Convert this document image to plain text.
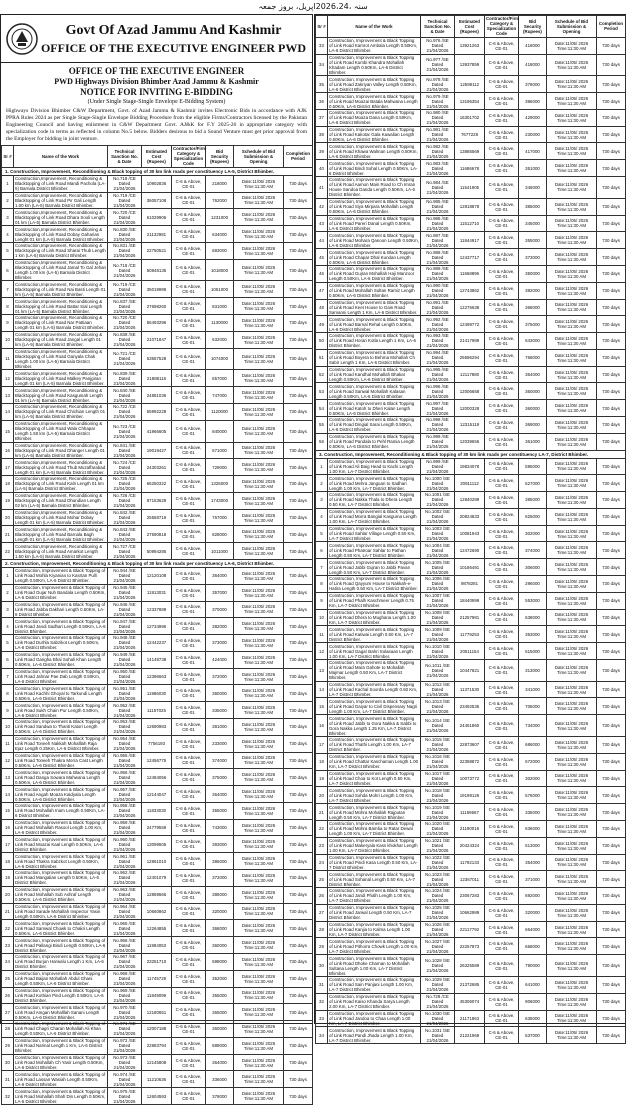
سنہ ،2026،24اپریل، بروز جمعہ
Govt Of Azad Jammu And Kashmir
OFFICE OF THE EXECUTIVE ENGINEER PWD
OFFICE OF THE EXECUTIVE ENGINEER
PWD Highways Division Bhimber Azad Jammu & Kashmir
NOTICE FOR INVITING E-BIDDING
(Under Single Stage-Single Envelope E-Bidding System)
Highways Division Bhimber C&W Department, Govt. of Azad Jammu & Kashmir invites Electronic Bids in accordance with AJK PPRA Rules 2024 as per Single Stage-Single Envelope Bidding Procedure from the eligible Firms/Contractors licensed by the Pakistan Engineering Council and having enlistment in C&W Department Govt. AJ&K for F.Y 2025-26 in appropriate category with specialization code in terms as reflected in column No.5 below. Bidders desirous to bid a Sound Venture must get prior approval from the Employer for bidding in joint venture.
Sr #	Name of the Work	Technical Sanction No. & Date	Estimated Cost (Rupees)	Contractor/Firm Category & Specialization Code	Bid Security (Rupees)	Schedule of Bid Submission & Opening	Completion Period
1. Construction, Improvement, Reconditioning & Black topping of 30 km link roads per constituency LA-5, District Bhimber.							
1	Construction,Improvement, Reconditioning & Blacktopping of Link Road Mandi Pachola (LA-5) Barnala District Bhimber.	No.718 /CE Dated 21/04/2026	10902836	C-6 & Above, CE-01	218000	Date:11/05/ 2026 Time:11:30 AM	730 days
2	Construction,Improvement, Reconditioning & Blacktopping of Link Road Pir Gali Length 1.00 km (LA-5) Barnala District Bhimber.	No.719 /CE Dated 21/04/2026	36057108	C-6 & Above, CE-01	762000	Date:11/05/ 2026 Time:11:30 AM	730 days
3	Construction,Improvement, Reconditioning & Blacktopping of Link Road Dhara Sooli Length 01 km (LA-5) Barnala District Bhimber.	No.720 /CE Dated 21/04/2026	61029906	C-6 & Above, CE-01	1231000	Date:11/05/ 2026 Time:11:30 AM	730 days
4	Construction,Improvement, Reconditioning & Blacktopping of Link Road Dobay Gaharian Lenght 01 km (LA-5) Barnala District Bhimber.	No.830 /SE Dated 21/04/2026	21132981	C-6 & Above, CE-01	634000	Date:11/05/ 2026 Time:11:30 AM	730 days
5	Construction,Improvement, Reconditioning & Blacktopping of Link Road Sharai Thub Length 1 km (LA-5) Barnala District Bhimber.	No.831 /SE Dated 21/04/2026	22750521	C-6 & Above, CE-01	683000	Date:11/05/ 2026 Time:11:30 AM	730 days
6	Construction,Improvement, Reconditioning & Blacktopping of Link Road Jamal To Gal Jehan Length 1.00 km (LA-5) Barnala District Bhimber.	No.718 /CE Dated 21/04/2026	50848135	C-6 & Above, CE-01	1018000	Date:11/05/ 2026 Time:11:30 AM	730 days
7	Construction,Improvement, Reconditioning & Blacktopping of Link Road Nai Basti Length 01 km (LA-5) Barnala District Bhimber.	No.719 /CE Dated 21/04/2026	35019999	C-6 & Above, CE-01	1051000	Date:11/05/ 2026 Time:11:30 AM	730 days
8	Construction,Improvement, Reconditioning & Blacktopping of Link Road Battar Sial Length 01 km (LA-5) Barnala District Bhimber.	No.837 /SE Dated 21/04/2026	27698260	C-6 & Above, CE-01	831000	Date:11/05/ 2026 Time:11:30 AM	730 days
9	Construction,Improvement, Reconditioning & Blacktopping of Link Road Nar Pattiaan Length 01 km (LA-5) Barnala District Bhimber.	No.720 /CE Dated 21/04/2026	56493296	C-6 & Above, CE-01	1130000	Date:11/05/ 2026 Time:11:30 AM	730 days
10	Construction,Improvement, Reconditioning & Blacktopping of Link Road Jangal Length 01 km (LA-5) Barnala District Bhimber.	No.838 /SE Dated 21/04/2026	21071847	C-6 & Above, CE-01	632000	Date:11/05/ 2026 Time:11:30 AM	730 days
11	Construction,Improvement, Reconditioning & Blacktopping of Link Road Ganyala Chak Length 1.00 km (LA-5) Barnala District Bhimber.	No.721 /CE Dated 21/04/2026	53667528	C-6 & Above, CE-01	1074000	Date:11/05/ 2026 Time:11:30 AM	730 days
12	Construction,Improvement, Reconditioning & Blacktopping of Link Road Malkey Panjgiran Length 01 km (LA-5) Barnala District Bhimber.	No.839 /SE Dated 21/04/2026	21888116	C-6 & Above, CE-01	657000	Date:11/05/ 2026 Time:11:30 AM	730 days
13	Construction,Improvement, Reconditioning & Blacktopping of Link Road Kasgumah Length 01 km (LA-5) Barnala District Bhimber.	No.840 /SE Dated 21/04/2026	24881036	C-6 & Above, CE-01	747000	Date:11/05/ 2026 Time:11:30 AM	730 days
14	Construction,Improvement, Reconditioning & Blacktopping of Link Road Chichian Length 01 km (LA-5) Barnala District Bhimber.	No.722 /CE Dated 21/04/2026	55992228	C-6 & Above, CE-01	1120000	Date:11/05/ 2026 Time:11:30 AM	730 days
15	Construction,Improvement, Reconditioning & Blacktopping of Link Road Wala Chhapar Length 1.50 km (LA-5) Barnala District Bhimber.	No.723 /CE Dated 21/04/2026	41966605	C-6 & Above, CE-01	840000	Date:11/05/ 2026 Time:11:30 AM	730 days
16	Construction,Improvement, Reconditioning & Blacktopping of Link Road Dhanger Length 01 km (LA-5) Barnala District Bhimber.	No.841 /SE Dated 21/04/2026	19019427	C-6 & Above, CE-01	571000	Date:11/05/ 2026 Time:11:30 AM	730 days
17	Construction,Improvement, Reconditioning & Blacktopping of Link Road Thub Muzaffarabad Length 01 km (LA-5) Barnala District Bhimber.	No.724 /CE Dated 21/04/2026	24303261	C-6 & Above, CE-01	729000	Date:11/05/ 2026 Time:11:30 AM	730 days
18	Construction,Improvement, Reconditioning & Blacktopping of Link Road Kalri Length 01 km (LA-5) Barnala District Bhimber.	No.725 /CE Dated 21/04/2026	66250322	C-6 & Above, CE-01	1325000	Date:11/05/ 2026 Time:11:30 AM	730 days
19	Construction,Improvement, Reconditioning & Blacktopping of Link Road Dhundian Length 02 km (LA-5) Barnala District Bhimber.	No.726 /CE Dated 21/04/2026	87153629	C-6 & Above, CE-01	1743000	Date:11/05/ 2026 Time:11:30 AM	730 days
20	Construction,Improvement, Reconditioning & Blacktopping of Link Road Mohar Dobay Length 01 km (LA-5) Barnala District Bhimber.	No.842 /SE Dated 21/04/2026	25558719	C-6 & Above, CE-01	767000	Date:11/05/ 2026 Time:11:30 AM	730 days
21	Construction,Improvement, Reconditioning & Blacktopping of Link Road Barnala Bagh Length 01 km (LA-5) Barnala District Bhimber.	No.843 /SE Dated 21/04/2026	27590818	C-6 & Above, CE-01	828000	Date:11/05/ 2026 Time:11:30 AM	730 days
22	Construction,Improvement, Reconditioning & Blacktopping of Link Road Amarkot Length 1.50 km (LA-5) Barnala District Bhimber.	No.727 /CE Dated 21/04/2026	50994285	C-6 & Above, CE-01	1011000	Date:11/05/ 2026 Time:11:30 AM	730 days
2. Construction, Improvement, Reconditioning & Black topping of 30 km link roads per constituency LA-6, District Bhimber.							
1	Construction, Improvement & Black Topping of Link Road Mohla Kiyanian to Kasrtan Pulli Length 0.50Km, LA-6 District Bhimber.	No.944 /SE Dated 21/04/2026	12120108	C-6 & Above, CE-01	364000	Date:11/05/ 2026 Time:11:30 AM	730 days
2	Construction, Improvement & Black Topping of Link Road Gujar Nuh Bandala Length 0.50Km, LA-6 District Bhimber.	No.945 /SE Dated 21/04/2026	11913031	C-6 & Above, CE-01	357000	Date:11/05/ 2026 Time:11:30 AM	730 days
3	Construction, Improvement & Black Topping of Link Road Jabba Dakhari Length 0.50Km, LA-6 District Bhimber.	No.946 /SE Dated 21/04/2026	12337889	C-6 & Above, CE-01	370000	Date:11/05/ 2026 Time:11:30 AM	730 days
4	Construction, Improvement & Black Topping of Link Road Jandi Sadhari Length 0.50Km, LA-6 District Bhimber.	No.947 /SE Dated 21/04/2026	12734996	C-6 & Above, CE-01	382000	Date:11/05/ 2026 Time:11:30 AM	730 days
5	Construction, Improvement & Black Topping of Link Road Durhla Sabzikot Length 0.50Km, LA-6 District Bhimber.	No.948 /SE Dated 21/04/2026	12442237	C-6 & Above, CE-01	373000	Date:11/05/ 2026 Time:11:30 AM	730 days
6	Construction, Improvement & Black Topping of Link Road Gangha Bhai Sohali Khan Length 0.50Km, LA-6 District Bhimber.	No.949 /SE Dated 21/04/2026	14148738	C-6 & Above, CE-01	424000	Date:11/05/ 2026 Time:11:30 AM	730 days
7	Construction, Improvement & Black Topping of Link Road Jahnar Pae Dab Length 0.50Km, LA-6 District Bhimber.	No.950 /SE Dated 21/04/2026	12396663	C-6 & Above, CE-01	372000	Date:11/05/ 2026 Time:11:30 AM	730 days
8	Construction, Improvement & Black Topping of Link Road Kachhi Ghoyal to Tarkundi Length 0.50Km, LA-6 District Bhimber.	No.951 /SE Dated 21/04/2026	11986030	C-6 & Above, CE-01	360000	Date:11/05/ 2026 Time:11:30 AM	730 days
9	Construction, Improvement & Black Topping of Link Road Sukh Chain Pur Length 0.50Km, LA-6 District Bhimber.	No.952 /SE Dated 21/04/2026	11157025	C-6 & Above, CE-01	335000	Date:11/05/ 2026 Time:11:30 AM	730 days
10	Construction, Improvement & Black Topping of Link Road Sandwa to Thanti Katori Length 0.50Km, LA-6 District Bhimber.	No.953 /SE Dated 21/04/2026	12690983	C-6 & Above, CE-01	381000	Date:11/05/ 2026 Time:11:30 AM	730 days
11	Construction, Improvement & Black Topping of Link Road Toneeh Nakkah Mohalllah Raja Ejaz Length 0.25Km, LA-6 District Bhimber.	No.954 /SE Dated 21/04/2026	7756193	C-6 & Above, CE-01	233000	Date:11/05/ 2026 Time:11:30 AM	730 days
12	Construction, Improvement & Black Topping of Link Road Toneeh Thakra Morra Cast Length 0.50Km, LA-6 District Bhimber.	No.955 /SE Dated 21/04/2026	12456775	C-6 & Above, CE-01	374000	Date:11/05/ 2026 Time:11:30 AM	730 days
13	Construction, Improvement & Black Topping of Link Road Danga Sowara Mahwana Length 0.50Km, LA-6 District Bhimber.	No.956 /SE Dated 21/04/2026	12484056	C-6 & Above, CE-01	375000	Date:11/05/ 2026 Time:11:30 AM	730 days
14	Construction, Improvement & Black Topping of Link Road Angah Moaza Kaidyala Length 0.50Km, LA-6 District Bhimber.	No.957 /SE Dated 21/04/2026	12144047	C-6 & Above, CE-01	364000	Date:11/05/ 2026 Time:11:30 AM	730 days
15	Construction, Improvement & Black Topping of Link Road Mohallah Inam Length 0.50Km, LA-6 District Bhimber.	No.958 /SE Dated 21/04/2026	11833030	C-6 & Above, CE-01	355000	Date:11/05/ 2026 Time:11:30 AM	730 days
16	Construction, Improvement & Black Topping of Link Road Mohallah Rasool Length 1.00 Km, LA-6 District Bhimber.	No.959 /SE Dated 21/04/2026	24779559	C-6 & Above, CE-01	743000	Date:11/05/ 2026 Time:11:30 AM	730 days
17	Construction, Improvement & Black Topping of Link Road Moazai Kaal Length 0.50Km, LA-6 District Bhimber.	No.960 /SE Dated 21/04/2026	13099505	C-6 & Above, CE-01	393000	Date:11/05/ 2026 Time:11:30 AM	730 days
18	Construction, Improvement & Black Topping of Link Road Thakra Sabzkot Length 0.50Km, LA-6 District Bhimber.	No.961 /SE Dated 21/04/2026	12861010	C-6 & Above, CE-01	386000	Date:11/05/ 2026 Time:11:30 AM	730 days
19	Construction, Improvement & Black Topping of Link Road Mangalian Length 0.50Km, LA-6 District Bhimber.	No.962 /SE Dated 21/04/2026	12401079	C-6 & Above, CE-01	372000	Date:11/05/ 2026 Time:11:30 AM	730 days
20	Construction, Improvement & Black Topping of Link Road Mohallah Sub Ashraf Length 0.50Km, LA-6 District Bhimber.	No.963 /SE Dated 21/04/2026	12869566	C-6 & Above, CE-01	386000	Date:11/05/ 2026 Time:11:30 AM	730 days
21	Construction, Improvement & Black Topping of Link Road Sarade Mohallah Inspector Yasin Length 0.50Km, LA-6 District Bhimber.	No.964 /SE Dated 21/04/2026	10660862	C-6 & Above, CE-01	320000	Date:11/05/ 2026 Time:11:30 AM	730 days
22	Construction, Improvement & Black Topping of Link Road Samwal Chowk to Chakri Length 0.50Km, LA-6 District Bhimber.	No.965 /SE Dated 21/04/2026	12264855	C-6 & Above, CE-01	368000	Date:11/05/ 2026 Time:11:30 AM	730 days
23	Construction, Improvement & Black Topping of Link Road Pallangi Bindi Length 0.50Km, LA-6 District Bhimber.	No.966 /SE Dated 21/04/2026	11984053	C-6 & Above, CE-01	360000	Date:11/05/ 2026 Time:11:30 AM	730 days
24	Construction, Improvement & Black Topping of Link Road Burjun Harwalu Length 1 Km, LA-6 District Bhimber.	No.967 /SE Dated 21/04/2026	23251710	C-6 & Above, CE-01	698000	Date:11/05/ 2026 Time:11:30 AM	730 days
25	Construction, Improvement & Black Topping of Link Road Baijan Mohallah Abdul Ghani Length 0.50Km, LA-6 District Bhimber.	No.968 /SE Dated 21/04/2026	11745729	C-6 & Above, CE-01	352000	Date:11/05/ 2026 Time:11:30 AM	730 days
26	Construction, Improvement & Black Topping of Link Road Kothian Pind Length 0.50Km, LA-6 District Bhimber.	No.969 /SE Dated 21/04/2026	11849099	C-6 & Above, CE-01	355000	Date:11/05/ 2026 Time:11:30 AM	730 days
27	Construction, Improvement & Black Topping of Link Road Amgan Mohalllah Sanani Length 0.50Km, LA-6 District Bhimber.	No.970 /SE Dated 21/04/2026	12180651	C-6 & Above, CE-01	365000	Date:11/05/ 2026 Time:11:30 AM	730 days
28	Construction, Improvement & Black Topping of Link Road Chagri Charan Mohallah Ali Khan Length 0.50Km, LA-6 District Bhimber.	No.971 /SE Dated 21/04/2026	12007188	C-6 & Above, CE-01	360000	Date:11/05/ 2026 Time:11:30 AM	730 days
29	Construction, Improvement & Black Topping of Link Road Narinal Length 1 Km, LA-6 District Bhimber.	No.972 /SE Dated 21/04/2026	22983794	C-6 & Above, CE-01	689000	Date:11/05/ 2026 Time:11:30 AM	730 days
30	Construction, Improvement & Black Topping of Link Road Mohallah Ch Yasir Length 0.50Km, LA-6 District Bhimber.	No.973 /SE Dated 21/04/2026	12145808	C-6 & Above, CE-01	364000	Date:11/05/ 2026 Time:11:30 AM	730 days
31	Construction, Improvement & Black Topping of Link Road Lassan Wasiah Length 0.50Km, LA-6 District Bhimber.	No.974 /SE Dated 21/04/2026	11210636	C-6 & Above, CE-01	336000	Date:11/05/ 2026 Time:11:30 AM	730 days
32	Construction, Improvement & Black Topping of Link Road Mohallah Shah Din Length 0.50Km, LA-6 District Bhimber.	No.975 /SE Dated 21/04/2026	12604593	C-6 & Above, CE-01	378000	Date:11/05/ 2026 Time:11:30 AM	730 days
Sr #	Name of the Work	Technical Sanction No. & Date	Estimated Cost (Rupees)	Contractor/Firm Category & Specialization Code	Bid Security (Rupees)	Schedule of Bid Submission & Opening	Completion Period
33	Construction, Improvement & Black Topping of Link Road Kamrot Ambala Length 0.50Km, LA-6 District Bhimber.	No.976 /SE Dated 21/04/2026	13921263	C-6 & Above, CE-01	418000	Date:11/05/ 2026 Time:11:30 AM	730 days
34	Construction, Improvement & Black Topping of Link Road Kumbi Khandra Mohallah Khadam Length 0.50Km, LA-6 District Bhimber.	No.977 /SE Dated 21/04/2026	13937859	C-6 & Above, CE-01	418000	Date:11/05/ 2026 Time:11:30 AM	730 days
35	Construction, Improvement & Black Topping of Link Road Zakriyan Valley Length 0.50Km, LA-6 District Bhimber.	No.978 /SE Dated 21/04/2026	12598112	C-6 & Above, CE-01	378000	Date:11/05/ 2026 Time:11:30 AM	730 days
36	Construction, Improvement & Black Topping of Link Road Moazai Batala Mahwana Length 0.50Km, LA-6 District Bhimber.	No.979 /SE Dated 21/04/2026	13196354	C-6 & Above, CE-01	396000	Date:11/05/ 2026 Time:11:30 AM	730 days
37	Construction, Improvement & Black Topping of Link Road Moaza Dana Length 0.50Km, LA-6 District Bhimber.	No.980 /SE Dated 21/04/2026	16301702	C-6 & Above, CE-01	429000	Date:11/05/ 2026 Time:11:30 AM	730 days
38	Construction, Improvement & Black Topping of Link Road Kakotar Gala Kawalian Length 0.50Km, LA-6 District Bhimber.	No.981 /SE Dated 21/04/2026	7677228	C-6 & Above, CE-01	230000	Date:11/05/ 2026 Time:11:30 AM	730 days
39	Construction, Improvement & Black Topping of Link Road Khawa Walman Length 0.50Km, LA-6 District Bhimber.	No.982 /SE Dated 21/04/2026	13885569	C-6 & Above, CE-01	417000	Date:11/05/ 2026 Time:11:30 AM	730 days
40	Construction, Improvement & Black Topping of Link Road Bindi Sohal Length 0.50Km, LA-6 District Bhimber.	No.983 /SE Dated 21/04/2026	11686678	C-6 & Above, CE-01	351000	Date:11/05/ 2026 Time:11:30 AM	730 days
41	Construction, Improvement & Black Topping of Link Road Aamon Main Road to Ch Imran House Sandoa Danda Length 0.50Km, LA-6 District Bhimber.	No.984 /SE Dated 21/04/2026	11541905	C-6 & Above, CE-01	346000	Date:11/05/ 2026 Time:11:30 AM	730 days
42	Construction, Improvement & Black Topping of Link Road Siya Mirpara Mohallah Length 0.50Km, LA-6 District Bhimber.	No.985 /SE Dated 21/04/2026	12818878	C-6 & Above, CE-01	385000	Date:11/05/ 2026 Time:11:30 AM	730 days
43	Construction, Improvement & Black Topping of Link Road Pareri Danal Length 0.50Km, LA-6 District Bhimber.	No.986 /SE Dated 21/04/2026	11512710	C-6 & Above, CE-01	345000	Date:11/05/ 2026 Time:11:30 AM	730 days
44	Construction, Improvement & Black Topping of Link Road Mohara Qanoon Length 0.50Km, LA-6 District Bhimber.	No.987 /SE Dated 21/04/2026	11844917	C-6 & Above, CE-01	355000	Date:11/05/ 2026 Time:11:30 AM	730 days
45	Construction, Improvement & Black Topping of Link Road Chapar Dhal Kundan Length 0.50Km, LA-6 District Bhimber.	No.988 /SE Dated 21/04/2026	12437717	C-6 & Above, CE-01	373000	Date:11/05/ 2026 Time:11:30 AM	730 days
46	Construction, Improvement & Black Topping of Link Road Gujran Mohallah Haji Manzoor Length 0.50Km, LA-6 District Bhimber.	No.989 /SE Dated 21/04/2026	11668896	C-6 & Above, CE-01	350000	Date:11/05/ 2026 Time:11:30 AM	730 days
47	Construction, Improvement & Black Topping of Link Road Mohallah Sultan Ramiz Length 0.50Km, LA-6 District Bhimber.	No.990 /SE Dated 21/04/2026	12743862	C-6 & Above, CE-01	382000	Date:11/05/ 2026 Time:11:30 AM	730 days
48	Construction, Improvement & Black Topping of Link Road Keet House to Gain Road Samanni Length 1 Km, LA-6 District Bhimber.	No.991 /SE Dated 21/04/2026	12276638	C-6 & Above, CE-01	368000	Date:11/05/ 2026 Time:11:30 AM	730 days
49	Construction, Improvement & Black Topping of Link Road Barnal Rehal Length 0.50Km, LA-6 District Bhimber.	No.992 /SE Dated 21/04/2026	12499772	C-6 & Above, CE-01	375000	Date:11/05/ 2026 Time:11:30 AM	730 days
50	Construction, Improvement & Black Topping of Link Road Horan Kotla Length 1 Km, LA-6 District Bhimber.	No.993 /SE Dated 21/04/2026	21417989	C-6 & Above, CE-01	643000	Date:11/05/ 2026 Time:11:30 AM	730 days
51	Construction, Improvement & Black Topping of Link Road Boyera to Behrna Mohallah Ch Sabir Length 1 Km, LA-6 District Bhimber.	No.994 /SE Dated 21/04/2026	25596294	C-6 & Above, CE-01	768000	Date:11/05/ 2026 Time:11:30 AM	730 days
52	Construction, Improvement & Black Topping of Link Road Kandhal Mohallah Bhakar Length 0.50Km, LA-6 District Bhimber.	No.995 /SE Dated 21/04/2026	12117880	C-6 & Above, CE-01	364000	Date:11/05/ 2026 Time:11:30 AM	730 days
53	Construction, Improvement & Black Topping of Link Road Sanwal Mohallah Kalasan Length 0.50Km, LA-6 District Bhimber.	No.996 /SE Dated 21/04/2026	12006658	C-6 & Above, CE-01	360000	Date:11/05/ 2026 Time:11:30 AM	730 days
54	Construction, Improvement & Black Topping of Link Road Katoh to Dheri Kalan Length 0.50Km, LA-6 District Bhimber.	No.997 /SE Dated 21/04/2026	12000328	C-6 & Above, CE-01	360000	Date:11/05/ 2026 Time:11:30 AM	730 days
55	Construction, Improvement & Black Topping of Link Road Dingial Sarai Length 0.50Km, LA-6 District Bhimber.	No.998 /SE Dated 21/04/2026	12315119	C-6 & Above, CE-01	369000	Date:11/05/ 2026 Time:11:30 AM	730 days
56	Construction, Improvement & Black Topping of Link Road Pandala to Pehl Ramia Length 0.50Km, LA-6 District Bhimber.	No.999 /SE Dated 21/04/2026	12039656	C-6 & Above, CE-01	361000	Date:11/05/ 2026 Time:11:30 AM	730 days
3. Construction, Improvement, Reconditioning & Black topping of 30 km link roads per constituency LA-7, District Bhimber.							
1	Construction, Improvement & Black Topping of Link Road Ali Baig Head to Kachi Length 1.00 Km, LA-7 District Bhimber.	No.999 /SE Dated 21/04/2026	19834078	C-6 & Above, CE-01	595000	Date:11/05/ 2026 Time:11:30 AM	730 days
2	Construction, Improvement & Black Topping of Link Road Mehra Janguan to Sadhari Length 1.00 Km, LA-7 District Bhimber.	No.1000 /SE Dated 21/04/2026	20911112	C-6 & Above, CE-01	627000	Date:11/05/ 2026 Time:11:30 AM	730 days
3	Construction, Improvement & Black Topping of Link Road Nakka Thala to Dhera Length 0.50 Km, LA-7 District Bhimber.	No.1001 /SE Dated 21/04/2026	12840289	C-6 & Above, CE-01	385000	Date:11/05/ 2026 Time:11:30 AM	730 days
4	Construction, Improvement & Black Topping of Link Road Morra Bangial Kasguma Length 1.00 Km, LA-7 District Bhimber.	No.1002 /SE Dated 21/04/2026	20824833	C-6 & Above, CE-01	625000	Date:11/05/ 2026 Time:11:30 AM	730 days
5	Construction, Improvement & Black Topping of Link Road Sahlar Village Length 0.50 Km, LA-7 District Bhimber.	No.1003 /SE Dated 21/04/2026	10081943	C-6 & Above, CE-01	302000	Date:11/05/ 2026 Time:11:30 AM	730 days
6	Construction, Improvement & Black Topping of Link Road Phatroar Sahlar to Pathan Length 0.50 Km, LA-7 District Bhimber.	No.1004 /SE Dated 21/04/2026	12472690	C-6 & Above, CE-01	374000	Date:11/05/ 2026 Time:11:30 AM	730 days
7	Construction, Improvement & Black Topping of Link Road Jabbi Gujran to Jabbi Pavan Length 0.50 Km, LA-7 District Bhimber.	No.1005 /SE Dated 21/04/2026	10186491	C-6 & Above, CE-01	306000	Date:11/05/ 2026 Time:11:30 AM	730 days
8	Construction, Improvement & Black Topping of Link Road Qayyum House to Nakkah-e-Hatira Length 0.50 Km, LA-7 District Bhimber.	No.1006 /SE Dated 21/04/2026	9878281	C-6 & Above, CE-01	296000	Date:11/05/ 2026 Time:11:30 AM	730 days
9	Construction, Improvement & Black Topping of Link Road Phalh Kaschmeer Length 0.75 Km, LA-7 District Bhimber.	No.1007 /SE Dated 21/04/2026	18440999	C-6 & Above, CE-01	553000	Date:11/05/ 2026 Time:11:30 AM	730 days
10	Construction, Improvement & Black Topping of Link Road Dhera to Mughana Length 1.00 Km, LA-7 District Bhimber.	No.1008 /SE Dated 21/04/2026	21257981	C-6 & Above, CE-01	638000	Date:11/05/ 2026 Time:11:30 AM	730 days
11	Construction, Improvement & Black Topping of Link Road Katiwai Length 0.50 Km, LA-7 District Bhimber.	No.1009 /SE Dated 21/04/2026	11779253	C-6 & Above, CE-01	353000	Date:11/05/ 2026 Time:11:30 AM	730 days
12	Construction, Improvement & Black Topping of Link Road Gagar Bahri Solasaan Length 1.00 Km, LA-7 District Bhimber.	No.1010 /SE Dated 21/04/2026	20511154	C-6 & Above, CE-01	615000	Date:11/05/ 2026 Time:11:30 AM	730 days
13	Construction, Improvement & Black Topping of Link Road Mara Gahote to Mohallah Majmar Length 0.50 Km, LA-7 District Bhimber.	No.1011 /SE Dated 21/04/2026	10447821	C-6 & Above, CE-01	313000	Date:11/05/ 2026 Time:11:30 AM	730 days
14	Construction, Improvement & Black Topping of Link Road Kachal Soorda Length 0.50 Km, LA-7 District Bhimber.	No.1012 /SE Dated 21/04/2026	11371530	C-6 & Above, CE-01	341000	Date:11/05/ 2026 Time:11:30 AM	730 days
15	Construction, Improvement & Black Topping of Link Road Gaiyar to Civil Dispensary Nagri Length 1.00 Km, LA-7 District Bhimber.	No.1013 /SE Dated 21/04/2026	23492535	C-6 & Above, CE-01	705000	Date:11/05/ 2026 Time:11:30 AM	730 days
16	Construction, Improvement & Black Topping of Link Road Jabbi to Gora Nakka & Sabbi to Gora Nakka Length 1.25 Km, LA-7 District Bhimber.	No.1014 /SE Dated 21/04/2026	24451860	C-6 & Above, CE-01	734000	Date:11/05/ 2026 Time:11:30 AM	730 days
17	Construction, Improvement & Black Topping of Link Road Thathi Length 1.00 Km, LA-7 District Bhimber.	No.1015 /SE Dated 21/04/2026	22873607	C-6 & Above, CE-01	686000	Date:11/05/ 2026 Time:11:30 AM	730 days
18	Construction, Improvement & Black Topping of Link Road Chattar Kaschaman Length 1.00 Km, LA-7 District Bhimber.	No.1016 /SE Dated 21/04/2026	22398872	C-6 & Above, CE-01	672000	Date:11/05/ 2026 Time:11:30 AM	730 days
19	Construction, Improvement & Black Topping of Link Road Choa to Kot Length 0.50 Km, LA-7 District Bhimber.	No.1017 /SE Dated 21/04/2026	10073772	C-6 & Above, CE-01	302000	Date:11/05/ 2026 Time:11:30 AM	730 days
20	Construction, Improvement & Black Topping of Link Road Sohda Mohri Length 1.00 Km, LA-7 District Bhimber.	No.1018 /SE Dated 21/04/2026	19199126	C-6 & Above, CE-01	576000	Date:11/05/ 2026 Time:11:30 AM	730 days
21	Construction, Improvement & Black Topping of Link Road Mohra Mohallah Rajputan Length 0.50 Km, LA-7 District Bhimber.	No.1019 /SE Dated 21/04/2026	11159667	C-6 & Above, CE-01	335000	Date:11/05/ 2026 Time:11:30 AM	730 days
22	Construction, Improvement & Black Topping of Link Road Mohra Bamba to Ratar Dewal Length 1.00 Km, LA-7 District Bhimber.	No.1020 /SE Dated 21/04/2026	21190018	C-6 & Above, CE-01	636000	Date:11/05/ 2026 Time:11:30 AM	730 days
23	Construction, Improvement & Black Topping of Link Road Makeryala Kass khokhar Length 1.00 Km, LA-7 District Bhimber.	No.1021 /SE Dated 21/04/2026	20424324	C-6 & Above, CE-01	613000	Date:11/05/ 2026 Time:11:30 AM	730 days
24	Construction, Improvement & Black Topping of Link Road Pindi Kasa Length 0.50 Km, LA-7 District Bhimber.	No.1022 /SE Dated 21/04/2026	11792133	C-6 & Above, CE-01	354000	Date:11/05/ 2026 Time:11:30 AM	730 days
25	Construction, Improvement & Black Topping of Link Road Sohanal Length 0.50 Km, LA-7 District Bhimber.	No.1023 /SE Dated 21/04/2026	12367011	C-6 & Above, CE-01	371000	Date:11/05/ 2026 Time:11:30 AM	730 days
26	Construction, Improvement & Black Topping of Link Road Jandi Phalh Length 1.00 Km, LA-7 District Bhimber.	No.1024 /SE Dated 21/04/2026	23067283	C-6 & Above, CE-01	692000	Date:11/05/ 2026 Time:11:30 AM	730 days
27	Construction, Improvement & Black Topping of Link Road Jarwal Length 0.50 Km, LA-7 District Bhimber.	No.1025 /SE Dated 21/04/2026	10662989	C-6 & Above, CE-01	320000	Date:11/05/ 2026 Time:11:30 AM	730 days
28	Construction, Improvement & Black Topping of Link Road Kanjia to Kalma Length 1.00 Km, LA-7 District Bhimber.	No.1026 /SE Dated 21/04/2026	22117792	C-6 & Above, CE-01	664000	Date:11/05/ 2026 Time:11:30 AM	730 days
29	Construction, Improvement & Black Topping of Link Road Pithorra Chowk Length 1.00 Km, LA-7 District Bhimber.	No.1027 /SE Dated 21/04/2026	22257873	C-6 & Above, CE-01	668000	Date:11/05/ 2026 Time:11:30 AM	730 days
30	Construction, Improvement & Black Topping of Link Road Dhoke Charnan to Mohallah Sultana Length 1.00 Km, LA-7 District Bhimber.	No.1028 /SE Dated 21/04/2026	26325589	C-6 & Above, CE-01	790000	Date:11/05/ 2026 Time:11:30 AM	730 days
31	Construction, Improvement & Black Topping of Link Road Sain Panjani Length 1.00 Km, LA-7 District Bhimber.	No.1029 /SE Dated 21/04/2026	21372685	C-6 & Above, CE-01	641000	Date:11/05/ 2026 Time:11:30 AM	730 days
32	Construction, Improvement & Black Topping of Link Road Kaiso Khanda Sarya Length 2.00 Km, LA-7 District Bhimber.	No.728 /CE Dated 21/04/2026	45306074	C-6 & Above, CE-01	906000	Date:11/05/ 2026 Time:11:30 AM	730 days
33	Construction, Improvement & Black Topping of Link Road Jandoa to Chaa Length 1.00 Km, LA-7 District Bhimber.	No.1030 /SE Dated 21/04/2026	21171963	C-6 & Above, CE-01	635000	Date:11/05/ 2026 Time:11:30 AM	730 days
34	Construction, Improvement & Black Topping of Link Road Pandi Jhada Length 1.00 Km, LA-7 District Bhimber.	No.1031 /SE Dated 21/04/2026	21221969	C-6 & Above, CE-01	637000	Date:11/05/ 2026 Time:11:30 AM	730 days
